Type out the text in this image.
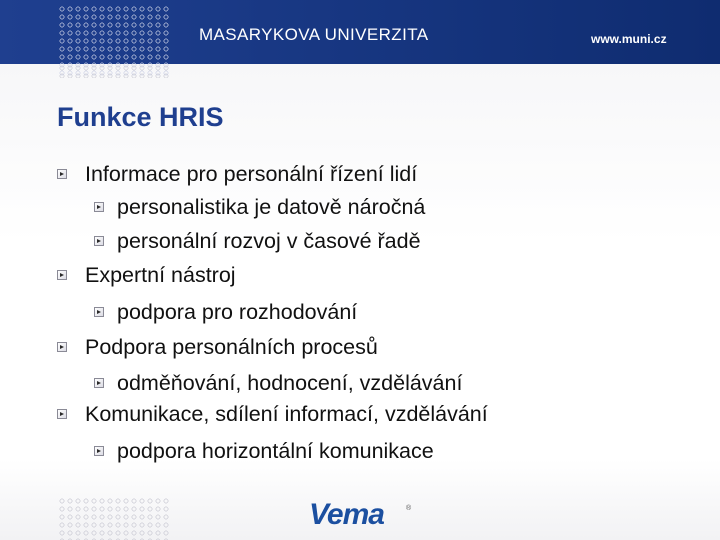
MASARYKOVA UNIVERZITA	www.muni.cz
Funkce HRIS
Informace pro personální řízení lidí
personalistika je datově náročná
personální rozvoj v časové řadě
Expertní nástroj
podpora pro rozhodování
Podpora personálních procesů
odměňování, hodnocení, vzdělávání
Komunikace, sdílení informací, vzdělávání
podpora horizontální komunikace
Vema	®
